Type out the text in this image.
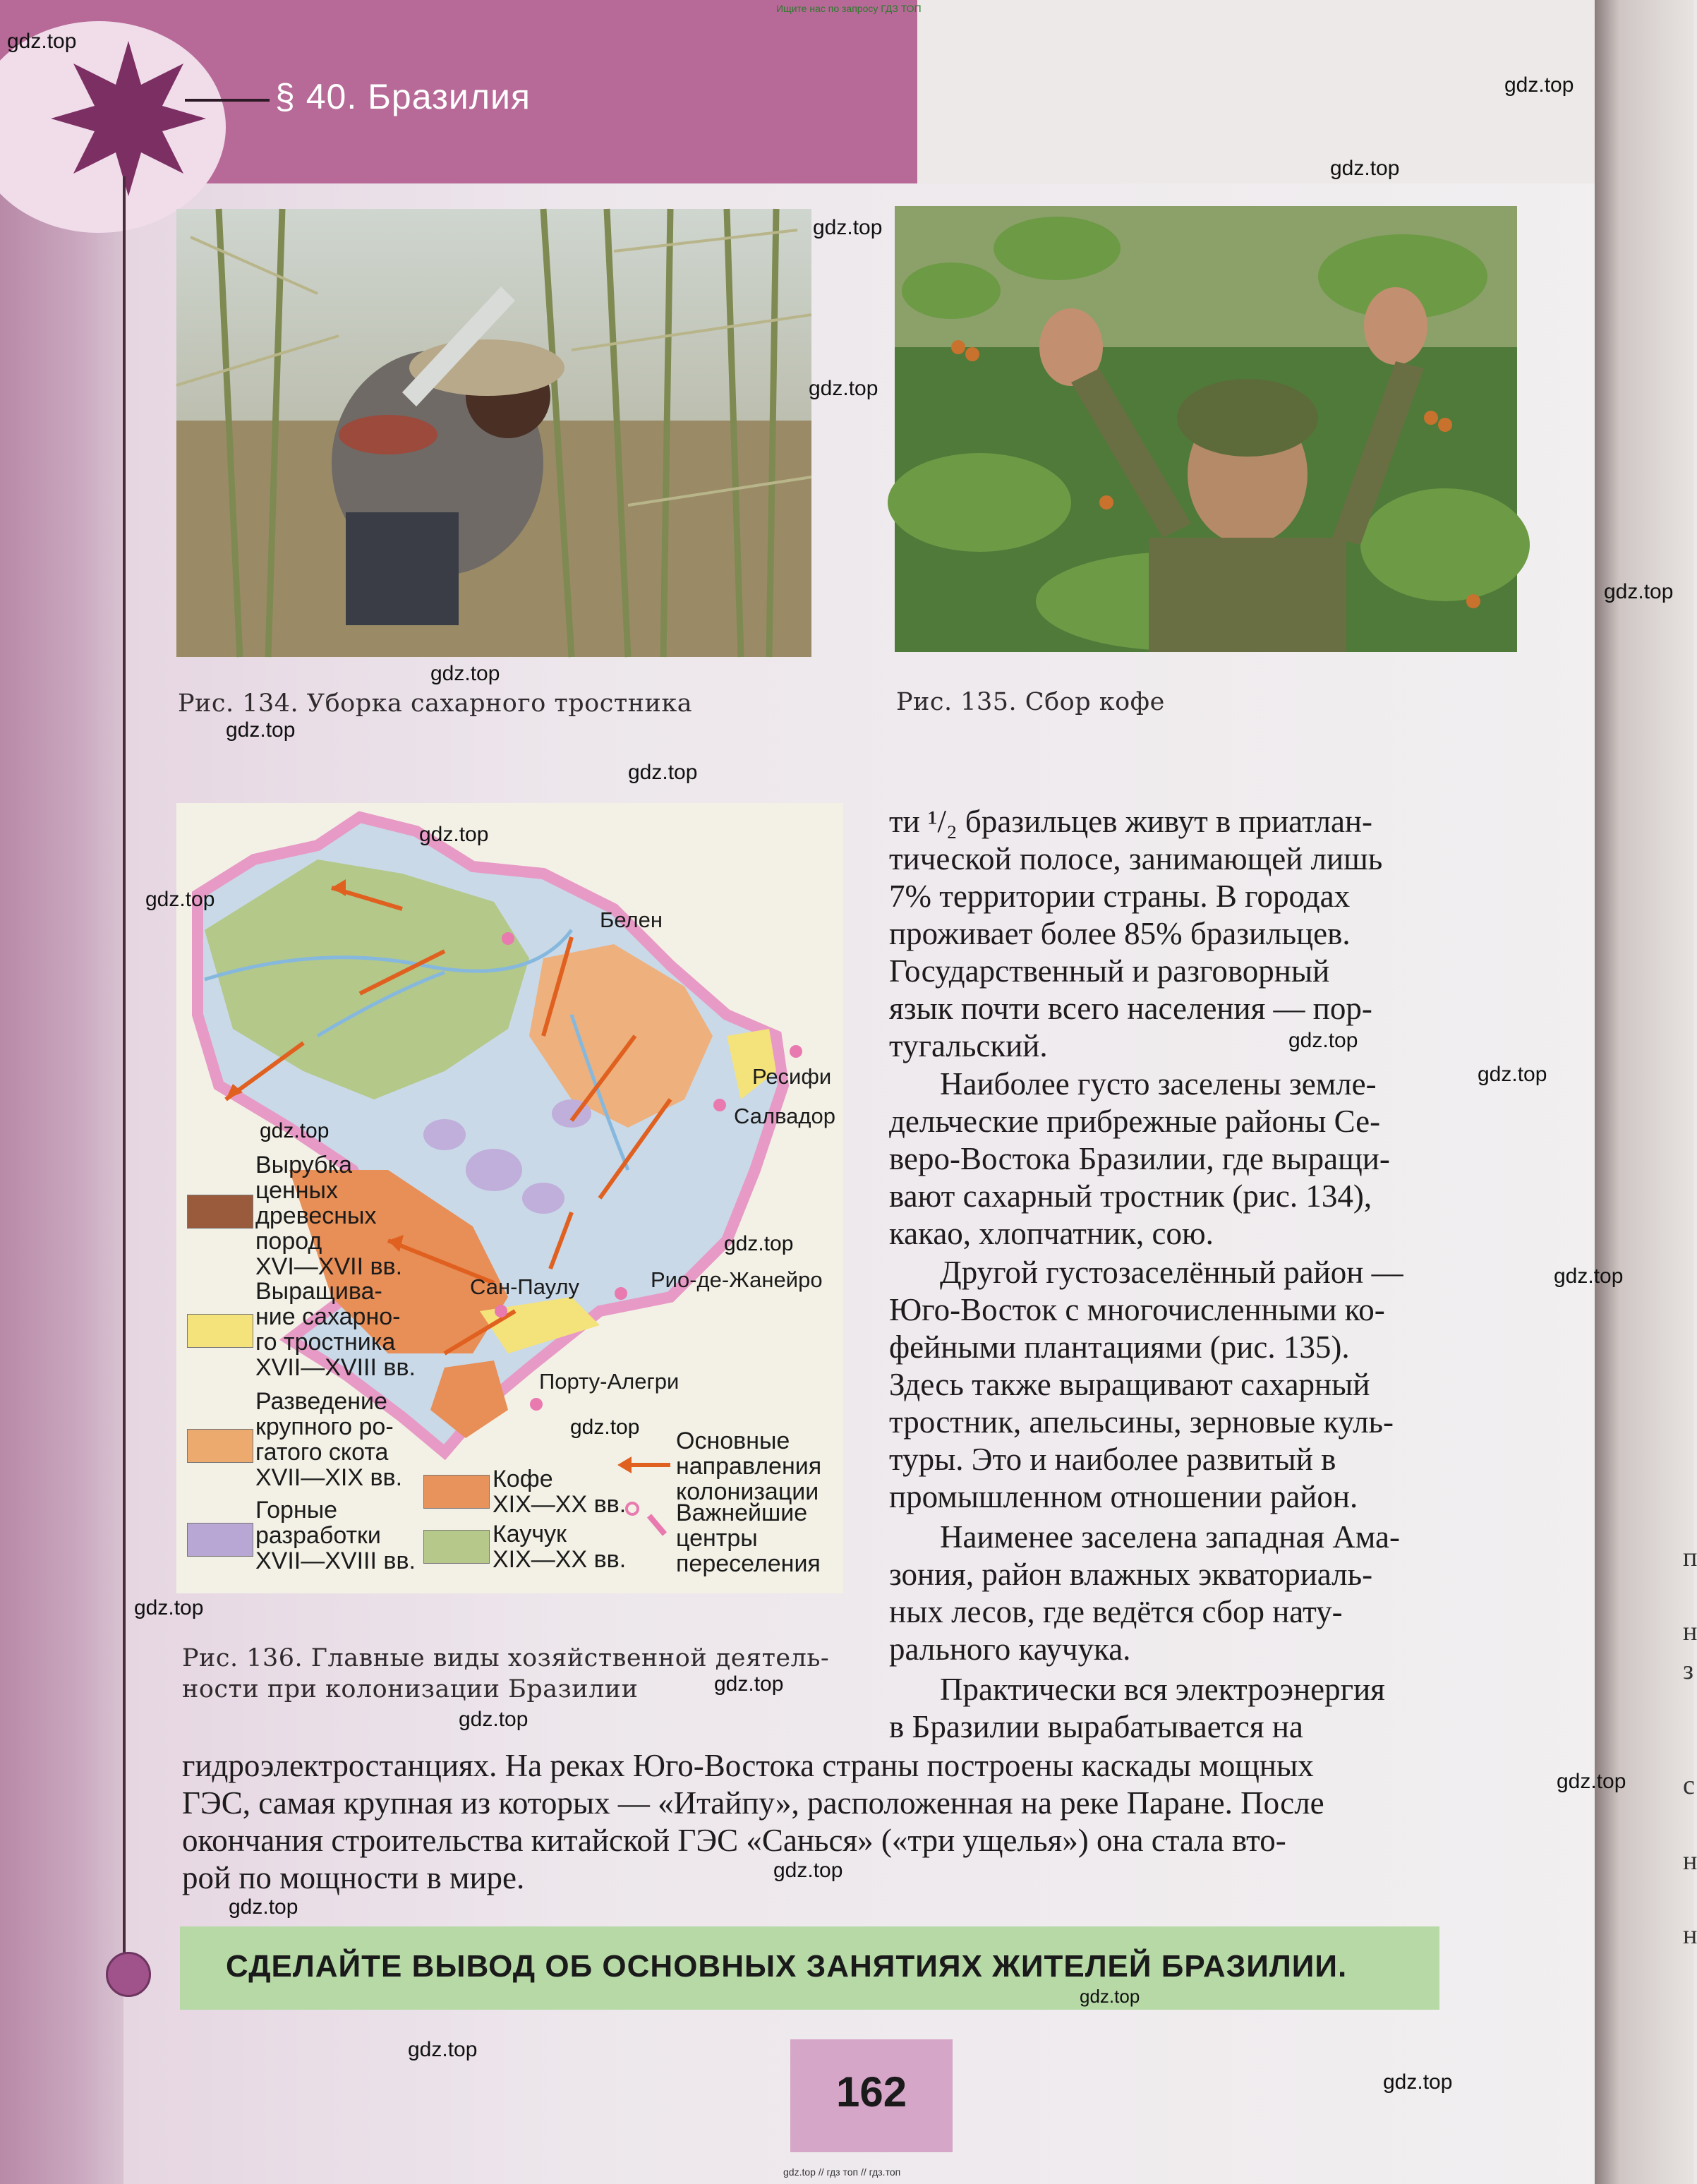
Ищите нас по запросу ГДЗ ТОП
§ 40. Бразилия
Рис. 134. Уборка сахарного тростника	Рис. 135. Сбор кофе
Белен
Ресифи
Салвадор
Сан-Паулу	Рио-де-Жанейро
Порту-Алегри
Вырубка
ценных
древесных
пород
XVI—XVII вв.
Выращива-
ние сахарно-
го тростника
XVII—XVIII вв.
Разведение
крупного ро-
гатого скота
XVII—XIX вв.
Горные
разработки
XVII—XVIII вв.
Кофе
XIX—XX вв.
Каучук
XIX—XX вв.
Основные
направления
колонизации
Важнейшие
центры
переселения
Рис. 136. Главные виды хозяйственной деятель-
ности при колонизации Бразилии
ти ¹/₂ бразильцев живут в приатлан-
тической полосе, занимающей лишь
7% территории страны. В городах
проживает более 85% бразильцев.
Государственный и разговорный
язык почти всего населения — пор-
тугальский.
Наиболее густо заселены земле-
дельческие прибрежные районы Се-
веро-Востока Бразилии, где выращи-
вают сахарный тростник (рис. 134),
какао, хлопчатник, сою.
Другой густозаселённый район —
Юго-Восток с многочисленными ко-
фейными плантациями (рис. 135).
Здесь также выращивают сахарный
тростник, апельсины, зерновые куль-
туры. Это и наиболее развитый в
промышленном отношении район.
Наименее заселена западная Ама-
зония, район влажных экваториаль-
ных лесов, где ведётся сбор нату-
рального каучука.
Практически вся электроэнергия
в Бразилии вырабатывается на
гидроэлектростанциях. На реках Юго-Востока страны построены каскады мощных
ГЭС, самая крупная из которых — «Итайпу», расположенная на реке Паране. После
окончания строительства китайской ГЭС «Санься» («три ущелья») она стала вто-
рой по мощности в мире.
СДЕЛАЙТЕ ВЫВОД ОБ ОСНОВНЫХ ЗАНЯТИЯХ ЖИТЕЛЕЙ БРАЗИЛИИ.
162
п
н
з
с
н
н
gdz.top
gdz.top
gdz.top
gdz.top
gdz.top
gdz.top
gdz.top
gdz.top
gdz.top
gdz.top
gdz.top
gdz.top
gdz.top
gdz.top
gdz.top
gdz.top
gdz.top
gdz.top
gdz.top
gdz.top
gdz.top
gdz.top
gdz.top
gdz.top
gdz.top
gdz.top
gdz.top // гдз топ // гдз.топ
